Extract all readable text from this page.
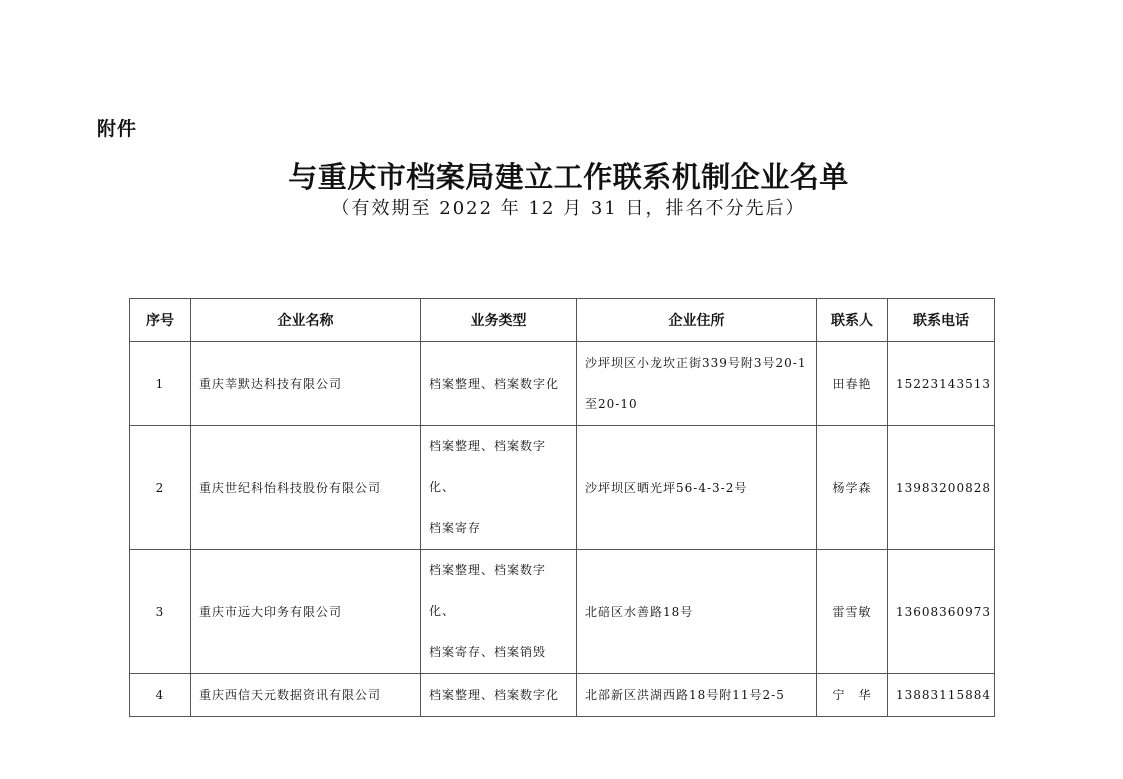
附件
与重庆市档案局建立工作联系机制企业名单
（有效期至 2022 年 12 月 31 日，排名不分先后）
序号	企业名称	业务类型	企业住所	联系人	联系电话
1	重庆莘默达科技有限公司	档案整理、档案数字化	沙坪坝区小龙坎正街339号附3号20-1
至20-10	田春艳	15223143513
2	重庆世纪科怡科技股份有限公司	档案整理、档案数字化、
档案寄存	沙坪坝区晒光坪56-4-3-2号	杨学森	13983200828
3	重庆市远大印务有限公司	档案整理、档案数字化、
档案寄存、档案销毁	北碚区水善路18号	雷雪敏	13608360973
4	重庆西信天元数据资讯有限公司	档案整理、档案数字化	北部新区洪湖西路18号附11号2-5	宁　华	13883115884
